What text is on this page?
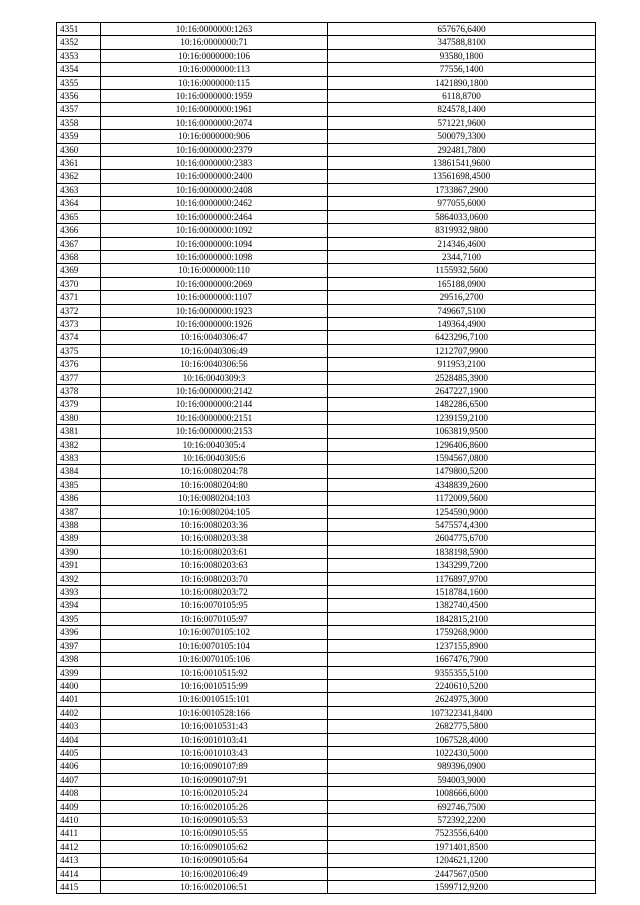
4351	10:16:0000000:1263	657676,6400
4352	10:16:0000000:71	347588,8100
4353	10:16:0000000:106	93580,1800
4354	10:16:0000000:113	77556,1400
4355	10:16:0000000:115	1421890,1800
4356	10:16:0000000:1959	6118,8700
4357	10:16:0000000:1961	824578,1400
4358	10:16:0000000:2074	571221,9600
4359	10:16:0000000:906	500079,3300
4360	10:16:0000000:2379	292481,7800
4361	10:16:0000000:2383	13861541,9600
4362	10:16:0000000:2400	13561698,4500
4363	10:16:0000000:2408	1733867,2900
4364	10:16:0000000:2462	977055,6000
4365	10:16:0000000:2464	5864033,0600
4366	10:16:0000000:1092	8319932,9800
4367	10:16:0000000:1094	214346,4600
4368	10:16:0000000:1098	2344,7100
4369	10:16:0000000:110	1155932,5600
4370	10:16:0000000:2069	165188,0900
4371	10:16:0000000:1107	29516,2700
4372	10:16:0000000:1923	749667,5100
4373	10:16:0000000:1926	149364,4900
4374	10:16:0040306:47	6423296,7100
4375	10:16:0040306:49	1212707,9900
4376	10:16:0040306:56	911953,2100
4377	10:16:0040309:3	2528485,3900
4378	10:16:0000000:2142	2647227,1900
4379	10:16:0000000:2144	1482286,6500
4380	10:16:0000000:2151	1239159,2100
4381	10:16:0000000:2153	1063819,9500
4382	10:16:0040305:4	1296406,8600
4383	10:16:0040305:6	1594567,0800
4384	10:16:0080204:78	1479800,5200
4385	10:16:0080204:80	4348839,2600
4386	10:16:0080204:103	1172009,5600
4387	10:16:0080204:105	1254590,9000
4388	10:16:0080203:36	5475574,4300
4389	10:16:0080203:38	2604775,6700
4390	10:16:0080203:61	1838198,5900
4391	10:16:0080203:63	1343299,7200
4392	10:16:0080203:70	1176897,9700
4393	10:16:0080203:72	1518784,1600
4394	10:16:0070105:95	1382740,4500
4395	10:16:0070105:97	1842815,2100
4396	10:16:0070105:102	1759268,9000
4397	10:16:0070105:104	1237155,8900
4398	10:16:0070105:106	1667476,7900
4399	10:16:0010515:92	9355355,5100
4400	10:16:0010515:99	2240610,5200
4401	10:16:0010515:101	2624975,3000
4402	10:16:0010528:166	107322341,8400
4403	10:16:0010531:43	2682775,5800
4404	10:16:0010103:41	1067528,4000
4405	10:16:0010103:43	1022430,5000
4406	10:16:0090107:89	989396,0900
4407	10:16:0090107:91	594003,9000
4408	10:16:0020105:24	1008666,6000
4409	10:16:0020105:26	692746,7500
4410	10:16:0090105:53	572392,2200
4411	10:16:0090105:55	7523556,6400
4412	10:16:0090105:62	1971401,8500
4413	10:16:0090105:64	1204621,1200
4414	10:16:0020106:49	2447567,0500
4415	10:16:0020106:51	1599712,9200
